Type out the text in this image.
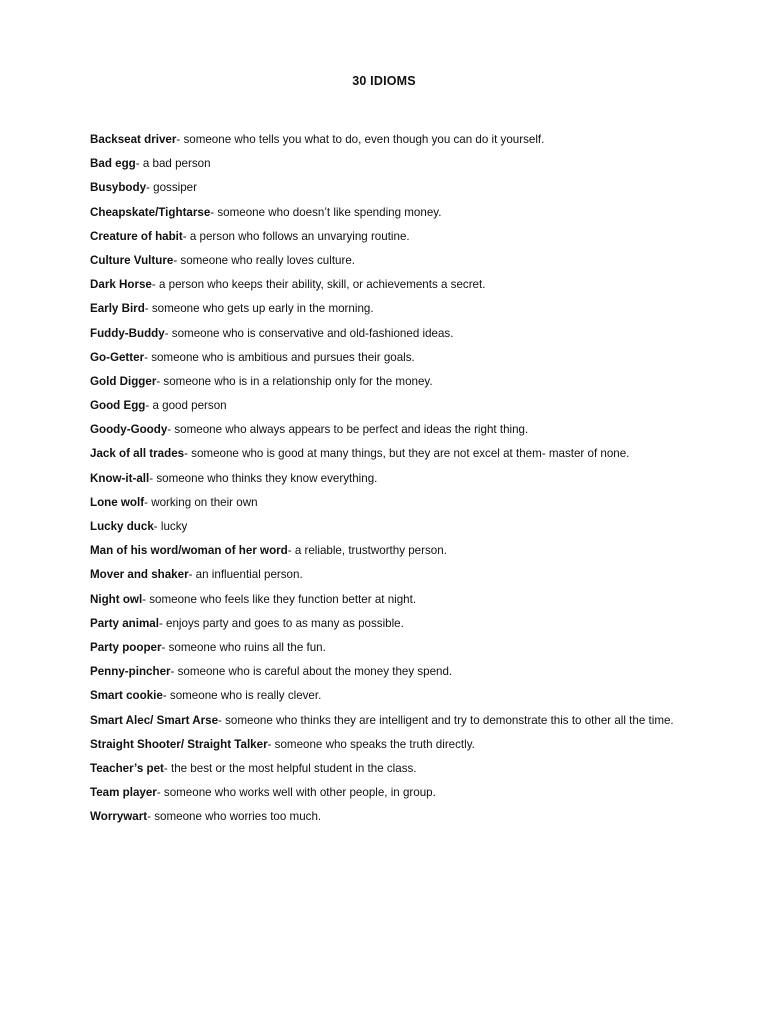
30 IDIOMS
Backseat driver- someone who tells you what to do, even though you can do it yourself.
Bad egg- a bad person
Busybody- gossiper
Cheapskate/Tightarse- someone who doesn’t like spending money.
Creature of habit- a person who follows an unvarying routine.
Culture Vulture- someone who really loves culture.
Dark Horse- a person who keeps their ability, skill, or achievements a secret.
Early Bird- someone who gets up early in the morning.
Fuddy-Buddy- someone who is conservative and old-fashioned ideas.
Go-Getter- someone who is ambitious and pursues their goals.
Gold Digger- someone who is in a relationship only for the money.
Good Egg- a good person
Goody-Goody- someone who always appears to be perfect and ideas the right thing.
Jack of all trades- someone who is good at many things, but they are not excel at them- master of none.
Know-it-all- someone who thinks they know everything.
Lone wolf- working on their own
Lucky duck- lucky
Man of his word/woman of her word- a reliable, trustworthy person.
Mover and shaker- an influential person.
Night owl- someone who feels like they function better at night.
Party animal- enjoys party and goes to as many as possible.
Party pooper- someone who ruins all the fun.
Penny-pincher- someone who is careful about the money they spend.
Smart cookie- someone who is really clever.
Smart Alec/ Smart Arse- someone who thinks they are intelligent and try to demonstrate this to other all the time.
Straight Shooter/ Straight Talker- someone who speaks the truth directly.
Teacher’s pet- the best or the most helpful student in the class.
Team player- someone who works well with other people, in group.
Worrywart- someone who worries too much.
